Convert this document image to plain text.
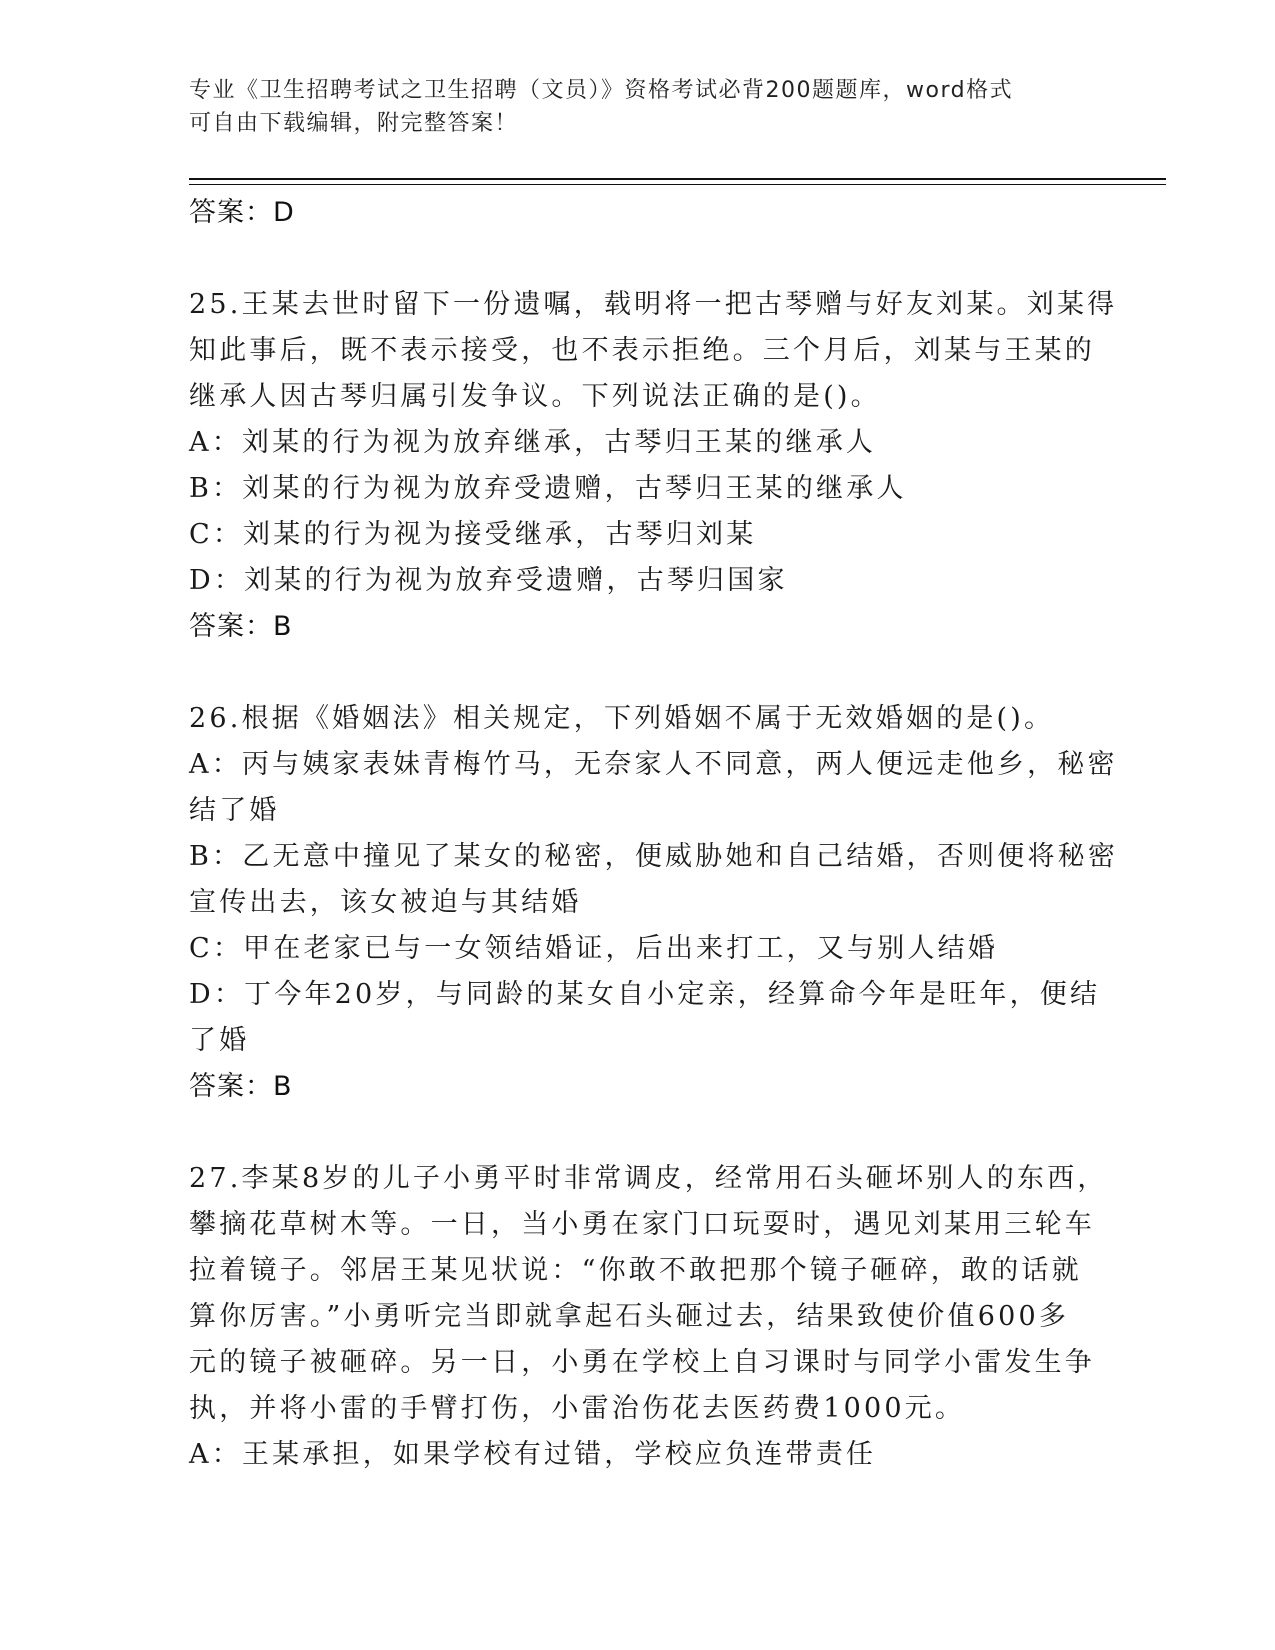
专业《卫生招聘考试之卫生招聘（文员）》资格考试必背200题题库，word格式
可自由下载编辑，附完整答案！
答案：D
25.王某去世时留下一份遗嘱，载明将一把古琴赠与好友刘某。刘某得
知此事后，既不表示接受，也不表示拒绝。三个月后，刘某与王某的
继承人因古琴归属引发争议。下列说法正确的是()。
A：刘某的行为视为放弃继承，古琴归王某的继承人
B：刘某的行为视为放弃受遗赠，古琴归王某的继承人
C：刘某的行为视为接受继承，古琴归刘某
D：刘某的行为视为放弃受遗赠，古琴归国家
答案：B
26.根据《婚姻法》相关规定，下列婚姻不属于无效婚姻的是()。
A：丙与姨家表妹青梅竹马，无奈家人不同意，两人便远走他乡，秘密
结了婚
B：乙无意中撞见了某女的秘密，便威胁她和自己结婚，否则便将秘密
宣传出去，该女被迫与其结婚
C：甲在老家已与一女领结婚证，后出来打工，又与别人结婚
D：丁今年20岁，与同龄的某女自小定亲，经算命今年是旺年，便结
了婚
答案：B
27.李某8岁的儿子小勇平时非常调皮，经常用石头砸坏别人的东西，
攀摘花草树木等。一日，当小勇在家门口玩耍时，遇见刘某用三轮车
拉着镜子。邻居王某见状说：“你敢不敢把那个镜子砸碎，敢的话就
算你厉害。”小勇听完当即就拿起石头砸过去，结果致使价值600多
元的镜子被砸碎。另一日，小勇在学校上自习课时与同学小雷发生争
执，并将小雷的手臂打伤，小雷治伤花去医药费1000元。
A：王某承担，如果学校有过错，学校应负连带责任
